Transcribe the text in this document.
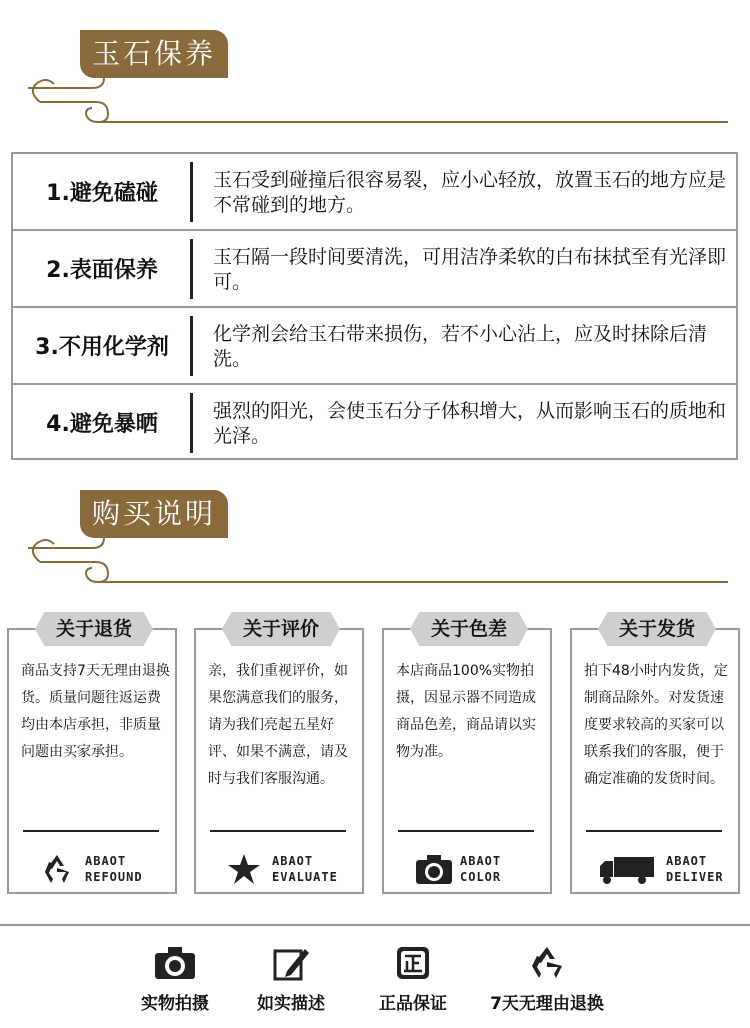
玉石保养
1.避免磕碰
玉石受到碰撞后很容易裂，应小心轻放，放置玉石的地方应是不常碰到的地方。
2.表面保养
玉石隔一段时间要清洗，可用洁净柔软的白布抹拭至有光泽即可。
3.不用化学剂
化学剂会给玉石带来损伤，若不小心沾上，应及时抹除后清洗。
4.避免暴晒
强烈的阳光，会使玉石分子体积增大，从而影响玉石的质地和光泽。
购买说明
关于退货
商品支持7天无理由退换货。质量问题往返运费均由本店承担，非质量问题由买家承担。
ABAOT
REFOUND
关于评价
亲，我们重视评价，如果您满意我们的服务，请为我们亮起五星好评、如果不满意，请及时与我们客服沟通。
ABAOT
EVALUATE
关于色差
本店商品100%实物拍摄，因显示器不同造成商品色差，商品请以实物为准。
ABAOT
COLOR
关于发货
拍下48小时内发货，定制商品除外。对发货速度要求较高的买家可以联系我们的客服，便于确定准确的发货时间。
ABAOT
DELIVER
实物拍摄	如实描述	正品保证	7天无理由退换
